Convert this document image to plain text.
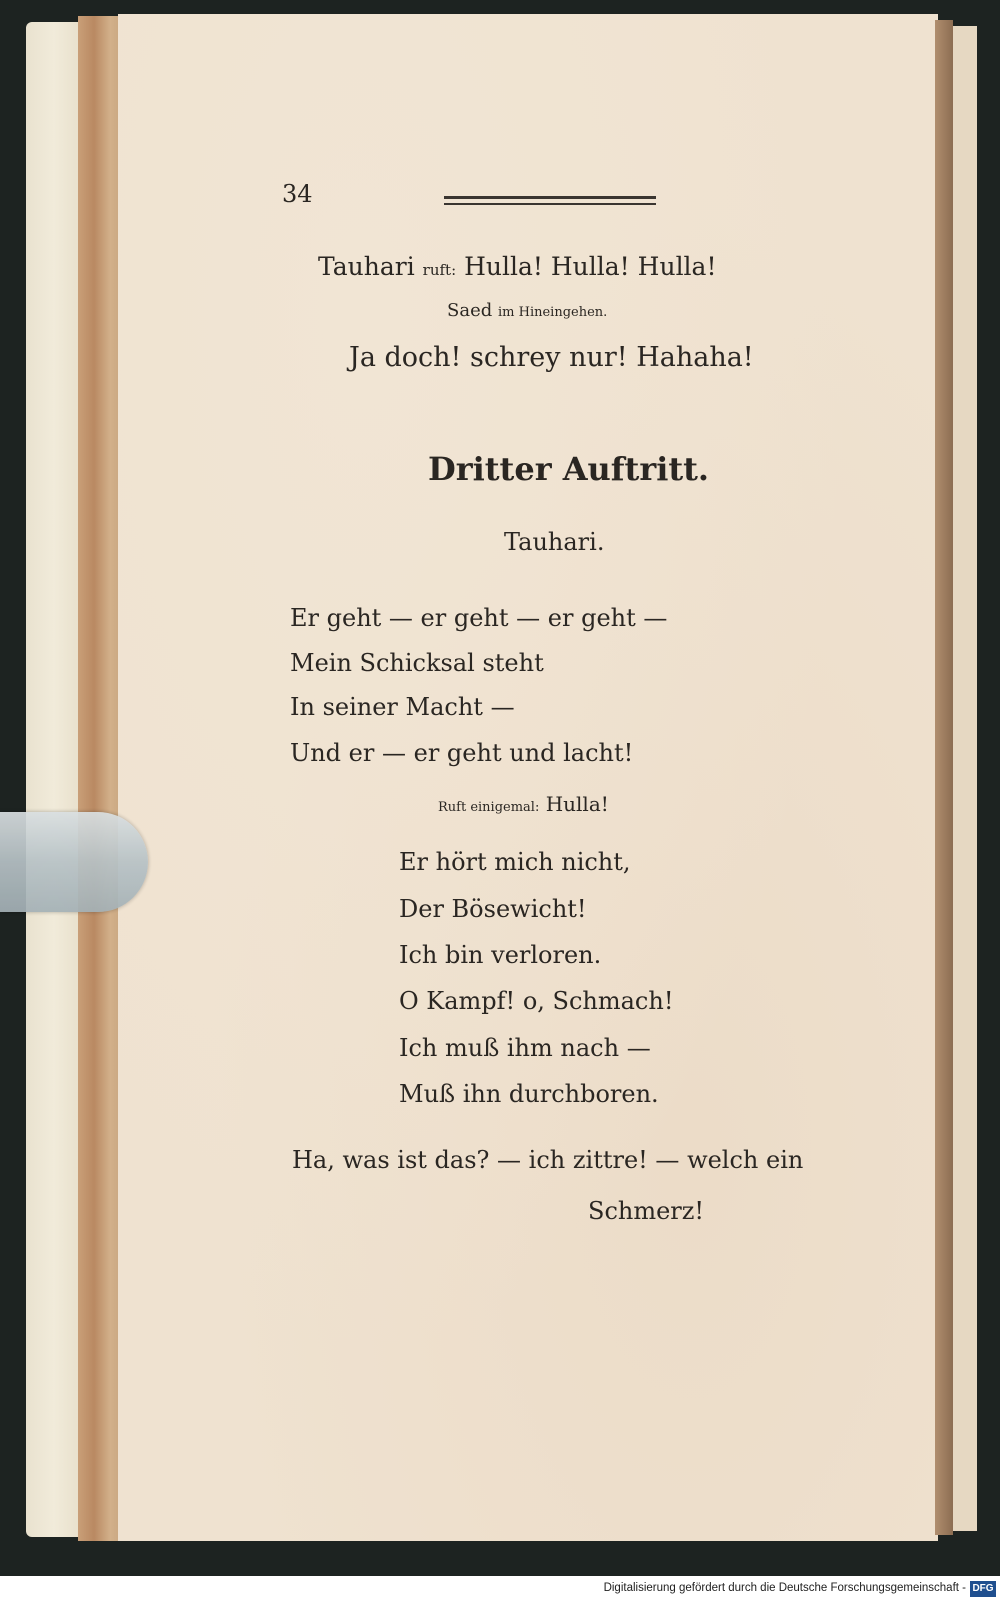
34
Tauhari ruft: Hulla! Hulla! Hulla!
Saed im Hineingehen.
Ja doch! schrey nur! Hahaha!
Dritter Auftritt.
Tauhari.
Er geht — er geht — er geht —
Mein Schicksal steht
In seiner Macht —
Und er — er geht und lacht!
Ruft einigemal: Hulla!
Er hört mich nicht,
Der Bösewicht!
Ich bin verloren.
O Kampf! o, Schmach!
Ich muß ihm nach —
Muß ihn durchboren.
Ha, was ist das? — ich zittre! — welch ein
Schmerz!
Digitalisierung gefördert durch die Deutsche Forschungsgemeinschaft - DFG
